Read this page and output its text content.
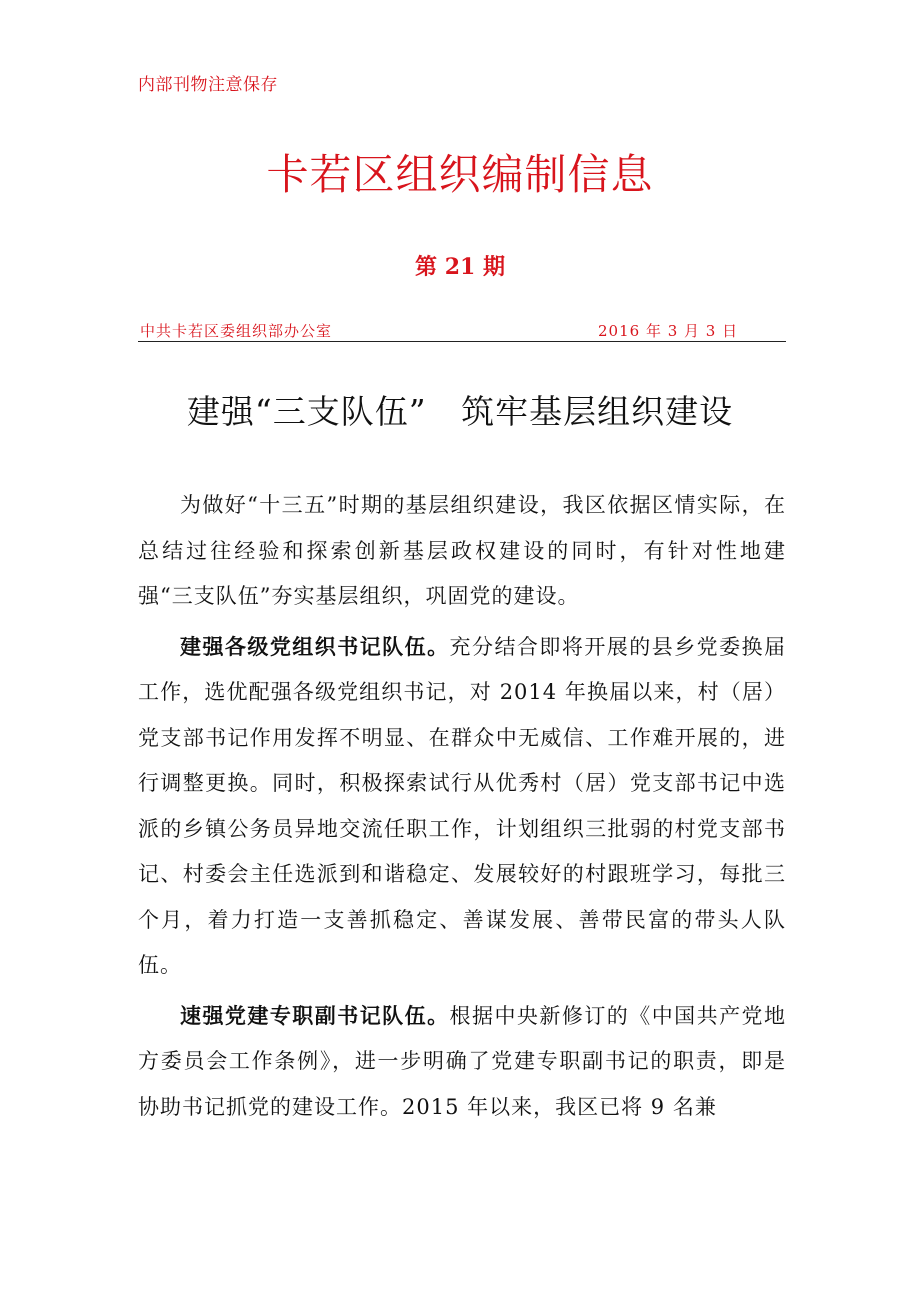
内部刊物注意保存
卡若区组织编制信息
第 21 期
中共卡若区委组织部办公室	2016 年 3 月 3 日
建强“三支队伍”   筑牢基层组织建设

为做好“十三五”时期的基层组织建设，我区依据区情实际，在总结过往经验和探索创新基层政权建设的同时，有针对性地建强“三支队伍”夯实基层组织，巩固党的建设。

建强各级党组织书记队伍。充分结合即将开展的县乡党委换届工作，选优配强各级党组织书记，对 2014 年换届以来，村（居）党支部书记作用发挥不明显、在群众中无威信、工作难开展的，进行调整更换。同时，积极探索试行从优秀村（居）党支部书记中选派的乡镇公务员异地交流任职工作，计划组织三批弱的村党支部书记、村委会主任选派到和谐稳定、发展较好的村跟班学习，每批三个月，着力打造一支善抓稳定、善谋发展、善带民富的带头人队伍。

速强党建专职副书记队伍。根据中央新修订的《中国共产党地方委员会工作条例》，进一步明确了党建专职副书记的职责，即是协助书记抓党的建设工作。2015 年以来，我区已将 9 名兼
